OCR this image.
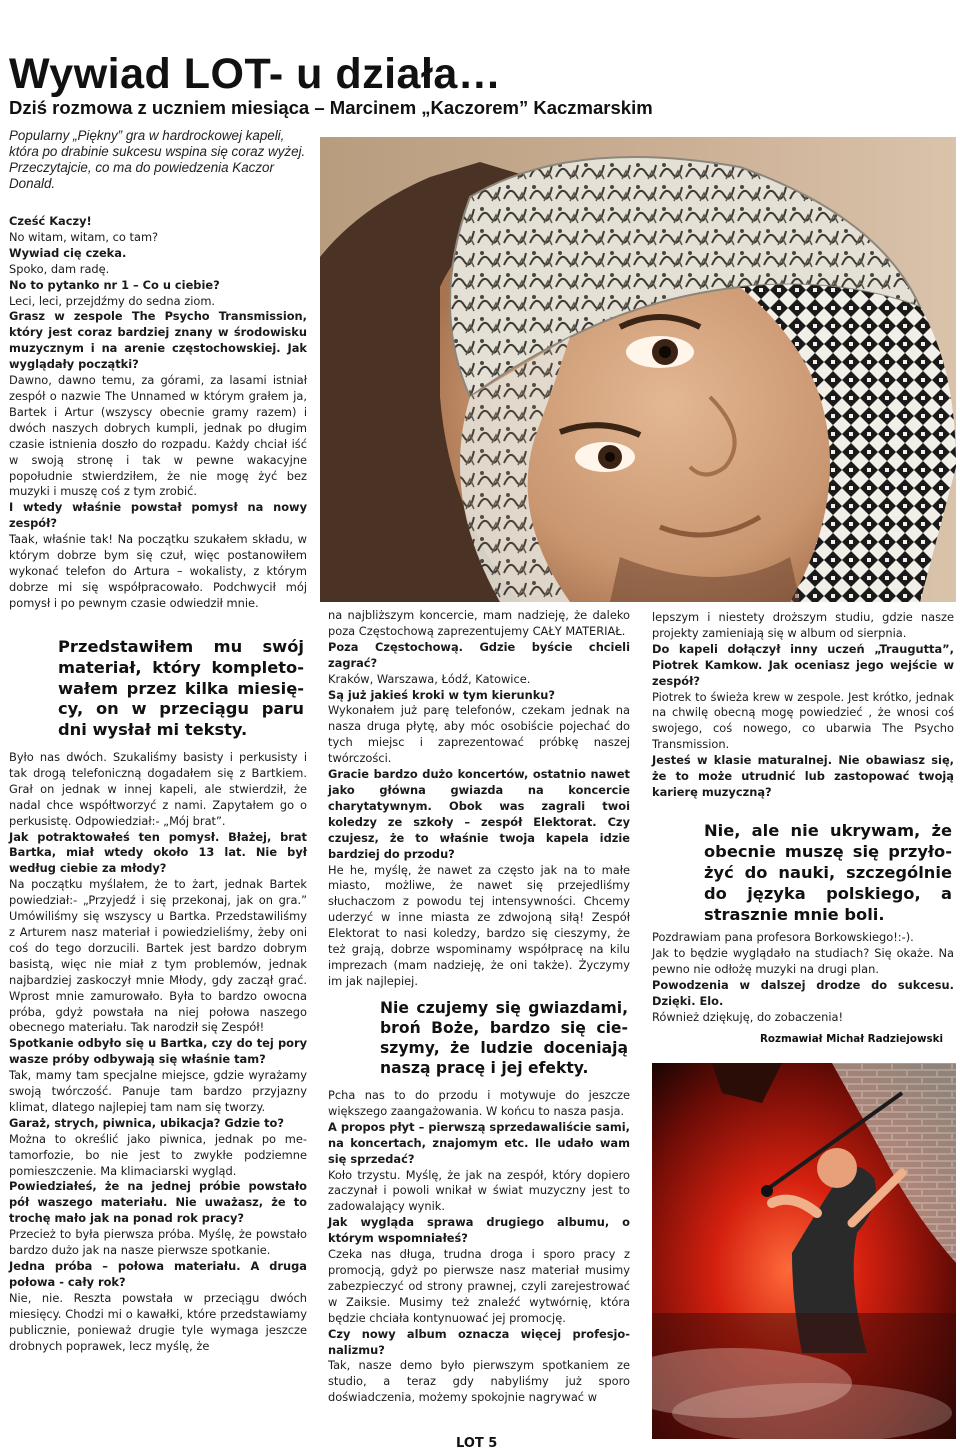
Wywiad LOT- u działa…
Dziś rozmowa z uczniem miesiąca – Marcinem „Kaczorem” Kaczmarskim
Popularny „Piękny” gra w hardrockowej kapeli, która po drabinie sukcesu wspina się coraz wyżej. Przeczytajcie, co ma do powiedzenia Kaczor Donald.

Cześć Kaczy!

No witam, witam, co tam?

Wywiad cię czeka.

Spoko, dam radę.

No to pytanko nr 1 – Co u ciebie?

Leci, leci, przejdźmy do sedna ziom.

Grasz w zespole The Psycho Transmission, który jest coraz bardziej znany w środowisku muzycznym i na arenie częstochowskiej. Jak wyglądały początki?

Dawno, dawno temu, za górami, za lasami istniał zespół o nazwie The Unnamed w którym grałem ja, Bartek i Artur (wszyscy obecnie gramy razem) i dwóch naszych dobrych kumpli, jednak po długim czasie istnienia doszło do rozpadu. Każdy chciał iść w swoją stronę i tak w pewne wakacyjne popołudnie stwierdziłem, że nie mogę żyć bez muzyki i muszę coś z tym zrobić.

I wtedy właśnie powstał pomysł na nowy zespół?

Taak, właśnie tak! Na początku szukałem składu, w którym dobrze bym się czuł, więc postanowiłem wykonać telefon do Artura – wokalisty, z którym dobrze mi się współpracowało. Podchwycił mój pomysł i po pewnym czasie odwiedził mnie.

Przedstawiłem mu swój materiał, który kompletowałem przez kilka miesięcy, on w przeciągu paru dni wysłał mi teksty.

Było nas dwóch. Szukaliśmy basisty i perkusisty i tak drogą telefoniczną dogadałem się z Bartkiem. Grał on jednak w innej kapeli, ale stwierdził, że nadal chce współtworzyć z nami. Zapytałem go o perkusistę. Odpowiedział:- „Mój brat”.

Jak potraktowałeś ten pomysł. Błażej, brat Bartka, miał wtedy około 13 lat. Nie był według ciebie za młody?

Na początku myślałem, że to żart, jednak Bartek powiedział:- „Przyjedź i się przekonaj, jak on gra.” Umówiliśmy się wszyscy u Bartka. Przedstawiliśmy z Arturem nasz materiał i powiedzieliśmy, żeby oni coś do tego dorzucili. Bartek jest bardzo dobrym basistą, więc nie miał z tym problemów, jednak najbardziej zaskoczył mnie Młody, gdy zaczął grać. Wprost mnie zamurowało. Była to bardzo owocna próba, gdyż powstała na niej połowa naszego obecnego materiału. Tak narodził się Zespół!

Spotkanie odbyło się u Bartka, czy do tej pory wasze próby odbywają się właśnie tam?

Tak, mamy tam specjalne miejsce, gdzie wyrażamy swoją twórczość. Panuje tam bardzo przyjazny klimat, dlatego najlepiej tam nam się tworzy.

Garaż, strych, piwnica, ubikacja? Gdzie to?

Można to określić jako piwnica, jednak po metamorfozie, bo nie jest to zwykłe podziemne pomieszczenie. Ma klimaciarski wygląd.

Powiedziałeś, że na jednej próbie powstało pół waszego materiału. Nie uważasz, że to trochę mało jak na ponad rok pracy?

Przecież to była pierwsza próba. Myślę, że powstało bardzo dużo jak na nasze pierwsze spotkanie.

Jedna próba – połowa materiału. A druga połowa - cały rok?

Nie, nie. Reszta powstała w przeciągu dwóch miesięcy. Chodzi mi o kawałki, które przedstawiamy publicznie, ponieważ drugie tyle wymaga jeszcze drobnych poprawek, lecz myślę, że

na najbliższym koncercie, mam nadzieję, że daleko poza Częstochową zaprezentujemy CAŁY MATERIAŁ.

Poza Częstochową. Gdzie byście chcieli zagrać?

Kraków, Warszawa, Łódź, Katowice.

Są już jakieś kroki w tym kierunku?

Wykonałem już parę telefonów, czekam jednak na nasza druga płytę, aby móc osobiście pojechać do tych miejsc i zaprezentować próbkę naszej twórczości.

Gracie bardzo dużo koncertów, ostatnio nawet jako główna gwiazda na koncercie charytatywnym. Obok was zagrali twoi koledzy ze szkoły – zespół Elektorat. Czy czujesz, że to właśnie twoja kapela idzie bardziej do przodu?

He he, myślę, że nawet za często jak na to małe miasto, możliwe, że nawet się przejedliśmy słuchaczom z powodu tej intensywności. Chcemy uderzyć w inne miasta ze zdwojoną siłą! Zespół Elektorat to nasi koledzy, bardzo się cieszymy, że też grają, dobrze wspominamy współpracę na kilu imprezach (mam nadzieję, że oni także). Życzymy im jak najlepiej.

Nie czujemy się gwiazdami, broń Boże, bardzo się cieszymy, że ludzie doceniają naszą pracę i jej efekty.

Pcha nas to do przodu i motywuje do jeszcze większego zaangażowania. W końcu to nasza pasja.

A propos płyt – pierwszą sprzedawaliście sami, na koncertach, znajomym etc. Ile udało wam się sprzedać?

Koło trzystu. Myślę, że jak na zespół, który dopiero zaczynał i powoli wnikał w świat muzyczny jest to zadowalający wynik.

Jak wygląda sprawa drugiego albumu, o którym wspomniałeś?

Czeka nas długa, trudna droga i sporo pracy z promocją, gdyż po pierwsze nasz materiał musimy zabezpieczyć od strony prawnej, czyli zarejestrować w Zaiksie. Musimy też znaleźć wytwórnię, która będzie chciała kontynuować jej promocję.

Czy nowy album oznacza więcej profesjonalizmu?

Tak, nasze demo było pierwszym spotkaniem ze studio, a teraz gdy nabyliśmy już sporo doświadczenia, możemy spokojnie nagrywać w

lepszym i niestety droższym studiu, gdzie nasze projekty zamieniają się w album od sierpnia.

Do kapeli dołączył inny uczeń „Traugutta”, Piotrek Kamkow. Jak oceniasz jego wejście w zespół?

Piotrek to świeża krew w zespole. Jest krótko, jednak na chwilę obecną mogę powiedzieć , że wnosi coś swojego, coś nowego, co ubarwia The Psycho Transmission.

Jesteś w klasie maturalnej. Nie obawiasz się, że to może utrudnić lub zastopować twoją karierę muzyczną?

Nie, ale nie ukrywam, że obecnie muszę się przyłożyć do nauki, szczególnie do języka polskiego, a strasznie mnie boli.

Pozdrawiam pana profesora Borkowskiego!:-).

Jak to będzie wyglądało na studiach? Się okaże. Na pewno nie odłożę muzyki na drugi plan.

Powodzenia w dalszej drodze do sukcesu. Dzięki. Elo.

Również dziękuję, do zobaczenia!

Rozmawiał Michał Radziejowski
LOT 5
